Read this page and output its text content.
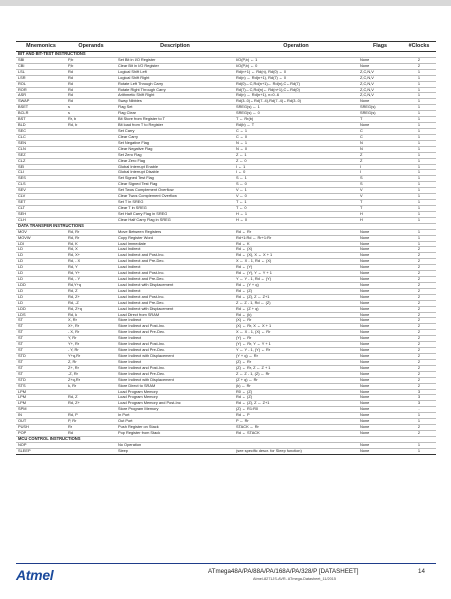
Mnemonics	Operands	Description	Operation	Flags	#Clocks
BIT AND BIT-TEST INSTRUCTIONS					
SBI	P,b	Set Bit in I/O Register	I/O(P,b) ← 1	None	2
CBI	P,b	Clear Bit in I/O Register	I/O(P,b) ← 0	None	2
LSL	Rd	Logical Shift Left	Rd(n+1) ← Rd(n), Rd(0) ← 0	Z,C,N,V	1
LSR	Rd	Logical Shift Right	Rd(n) ← Rd(n+1), Rd(7) ← 0	Z,C,N,V	1
ROL	Rd	Rotate Left Through Carry	Rd(0)←C,Rd(n+1)← Rd(n),C←Rd(7)	Z,C,N,V	1
ROR	Rd	Rotate Right Through Carry	Rd(7)←C,Rd(n)← Rd(n+1),C←Rd(0)	Z,C,N,V	1
ASR	Rd	Arithmetic Shift Right	Rd(n) ← Rd(n+1), n=0..6	Z,C,N,V	1
SWAP	Rd	Swap Nibbles	Rd(3..0)←Rd(7..4),Rd(7..4)←Rd(3..0)	None	1
BSET	s	Flag Set	SREG(s) ← 1	SREG(s)	1
BCLR	s	Flag Clear	SREG(s) ← 0	SREG(s)	1
BST	Rr, b	Bit Store from Register to T	T ← Rr(b)	T	1
BLD	Rd, b	Bit load from T to Register	Rd(b) ← T	None	1
SEC		Set Carry	C ← 1	C	1
CLC		Clear Carry	C ← 0	C	1
SEN		Set Negative Flag	N ← 1	N	1
CLN		Clear Negative Flag	N ← 0	N	1
SEZ		Set Zero Flag	Z ← 1	Z	1
CLZ		Clear Zero Flag	Z ← 0	Z	1
SEI		Global Interrupt Enable	I ← 1	I	1
CLI		Global Interrupt Disable	I ← 0	I	1
SES		Set Signed Test Flag	S ← 1	S	1
CLS		Clear Signed Test Flag	S ← 0	S	1
SEV		Set Twos Complement Overflow	V ← 1	V	1
CLV		Clear Twos Complement Overflow	V ← 0	V	1
SET		Set T in SREG	T ← 1	T	1
CLT		Clear T in SREG	T ← 0	T	1
SEH		Set Half Carry Flag in SREG	H ← 1	H	1
CLH		Clear Half Carry Flag in SREG	H ← 0	H	1
DATA TRANSFER INSTRUCTIONS					
MOV	Rd, Rr	Move Between Registers	Rd ← Rr	None	1
MOVW	Rd, Rr	Copy Register Word	Rd+1:Rd ← Rr+1:Rr	None	1
LDI	Rd, K	Load Immediate	Rd ← K	None	1
LD	Rd, X	Load Indirect	Rd ← (X)	None	2
LD	Rd, X+	Load Indirect and Post-Inc.	Rd ← (X), X ← X + 1	None	2
LD	Rd, - X	Load Indirect and Pre-Dec.	X ← X - 1, Rd ← (X)	None	2
LD	Rd, Y	Load Indirect	Rd ← (Y)	None	2
LD	Rd, Y+	Load Indirect and Post-Inc.	Rd ← (Y), Y ← Y + 1	None	2
LD	Rd, - Y	Load Indirect and Pre-Dec.	Y ← Y - 1, Rd ← (Y)	None	2
LDD	Rd,Y+q	Load Indirect with Displacement	Rd ← (Y + q)	None	2
LD	Rd, Z	Load Indirect	Rd ← (Z)	None	2
LD	Rd, Z+	Load Indirect and Post-Inc.	Rd ← (Z), Z ← Z+1	None	2
LD	Rd, -Z	Load Indirect and Pre-Dec.	Z ← Z - 1, Rd ← (Z)	None	2
LDD	Rd, Z+q	Load Indirect with Displacement	Rd ← (Z + q)	None	2
LDS	Rd, k	Load Direct from SRAM	Rd ← (k)	None	2
ST	X, Rr	Store Indirect	(X) ← Rr	None	2
ST	X+, Rr	Store Indirect and Post-Inc.	(X) ← Rr, X ← X + 1	None	2
ST	- X, Rr	Store Indirect and Pre-Dec.	X ← X - 1, (X) ← Rr	None	2
ST	Y, Rr	Store Indirect	(Y) ← Rr	None	2
ST	Y+, Rr	Store Indirect and Post-Inc.	(Y) ← Rr, Y ← Y + 1	None	2
ST	- Y, Rr	Store Indirect and Pre-Dec.	Y ← Y - 1, (Y) ← Rr	None	2
STD	Y+q,Rr	Store Indirect with Displacement	(Y + q) ← Rr	None	2
ST	Z, Rr	Store Indirect	(Z) ← Rr	None	2
ST	Z+, Rr	Store Indirect and Post-Inc.	(Z) ← Rr, Z ← Z + 1	None	2
ST	-Z, Rr	Store Indirect and Pre-Dec.	Z ← Z - 1, (Z) ← Rr	None	2
STD	Z+q,Rr	Store Indirect with Displacement	(Z + q) ← Rr	None	2
STS	k, Rr	Store Direct to SRAM	(k) ← Rr	None	2
LPM		Load Program Memory	R0 ← (Z)	None	3
LPM	Rd, Z	Load Program Memory	Rd ← (Z)	None	3
LPM	Rd, Z+	Load Program Memory and Post-Inc	Rd ← (Z), Z ← Z+1	None	3
SPM		Store Program Memory	(Z) ← R1:R0	None	-
IN	Rd, P	In Port	Rd ← P	None	1
OUT	P, Rr	Out Port	P ← Rr	None	1
PUSH	Rr	Push Register on Stack	STACK ← Rr	None	2
POP	Rd	Pop Register from Stack	Rd ← STACK	None	2
MCU CONTROL INSTRUCTIONS					
NOP		No Operation		None	1
SLEEP		Sleep	(see specific descr. for Sleep function)	None	1
Atmel	ATmega48A/PA/88A/PA/168A/PA/328/P [DATASHEET]
Atmel-8271JS-AVR- ATmega-Datasheet_11/2015
14
